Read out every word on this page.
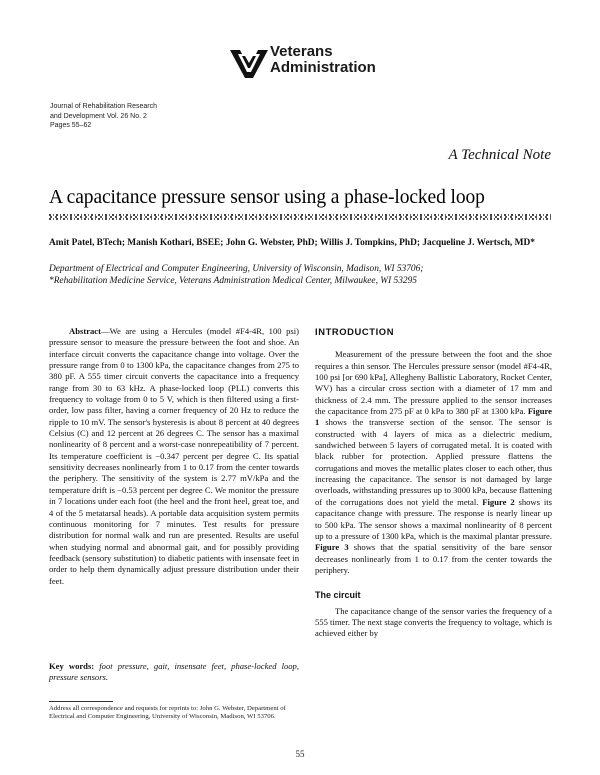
Veterans
Administration
Journal of Rehabilitation Research
and Development Vol. 26 No. 2
Pages 55–62
A Technical Note
A capacitance pressure sensor using a phase-locked loop
Amit Patel, BTech; Manish Kothari, BSEE; John G. Webster, PhD; Willis J. Tompkins, PhD; Jacqueline J. Wertsch, MD*
Department of Electrical and Computer Engineering, University of Wisconsin, Madison, WI 53706;
*Rehabilitation Medicine Service, Veterans Administration Medical Center, Milwaukee, WI 53295

Abstract—We are using a Hercules (model #F4-4R, 100 psi) pressure sensor to measure the pressure between the foot and shoe. An interface circuit converts the capacitance change into voltage. Over the pressure range from 0 to 1300 kPa, the capacitance changes from 275 to 380 pF. A 555 timer circuit converts the capacitance into a frequency range from 30 to 63 kHz. A phase-locked loop (PLL) converts this frequency to voltage from 0 to 5 V, which is then filtered using a first-order, low pass filter, having a corner frequency of 20 Hz to reduce the ripple to 10 mV. The sensor's hysteresis is about 8 percent at 40 degrees Celsius (C) and 12 percent at 26 degrees C. The sensor has a maximal nonlinearity of 8 percent and a worst-case nonrepeatibility of 7 percent. Its temperature coefficient is −0.347 percent per degree C. Its spatial sensitivity decreases nonlinearly from 1 to 0.17 from the center towards the periphery. The sensitivity of the system is 2.77 mV/kPa and the temperature drift is −0.53 percent per degree C. We monitor the pressure in 7 locations under each foot (the heel and the front heel, great toe, and 4 of the 5 metatarsal heads). A portable data acquisition system permits continuous monitoring for 7 minutes. Test results for pressure distribution for normal walk and run are presented. Results are useful when studying normal and abnormal gait, and for possibly providing feedback (sensory substitution) to diabetic patients with insensate feet in order to help them dynamically adjust pressure distribution under their feet.

Key words: foot pressure, gait, insensate feet, phase-locked loop, pressure sensors.
Address all correspondence and requests for reprints to: John G. Webster, Department of Electrical and Computer Engineering, University of Wisconsin, Madison, WI 53706.
INTRODUCTION

Measurement of the pressure between the foot and the shoe requires a thin sensor. The Hercules pressure sensor (model #F4-4R, 100 psi [or 690 kPa], Allegheny Ballistic Laboratory, Rocket Center, WV) has a circular cross section with a diameter of 17 mm and thickness of 2.4 mm. The pressure applied to the sensor increases the capacitance from 275 pF at 0 kPa to 380 pF at 1300 kPa. Figure 1 shows the transverse section of the sensor. The sensor is constructed with 4 layers of mica as a dielectric medium, sandwiched between 5 layers of corrugated metal. It is coated with black rubber for protection. Applied pressure flattens the corrugations and moves the metallic plates closer to each other, thus increasing the capacitance. The sensor is not damaged by large overloads, withstanding pressures up to 3000 kPa, because flattening of the corrugations does not yield the metal. Figure 2 shows its capacitance change with pressure. The response is nearly linear up to 500 kPa. The sensor shows a maximal nonlinearity of 8 percent up to a pressure of 1300 kPa, which is the maximal plantar pressure. Figure 3 shows that the spatial sensitivity of the bare sensor decreases nonlinearly from 1 to 0.17 from the center towards the periphery.

The circuit

The capacitance change of the sensor varies the frequency of a 555 timer. The next stage converts the frequency to voltage, which is achieved either by

55
